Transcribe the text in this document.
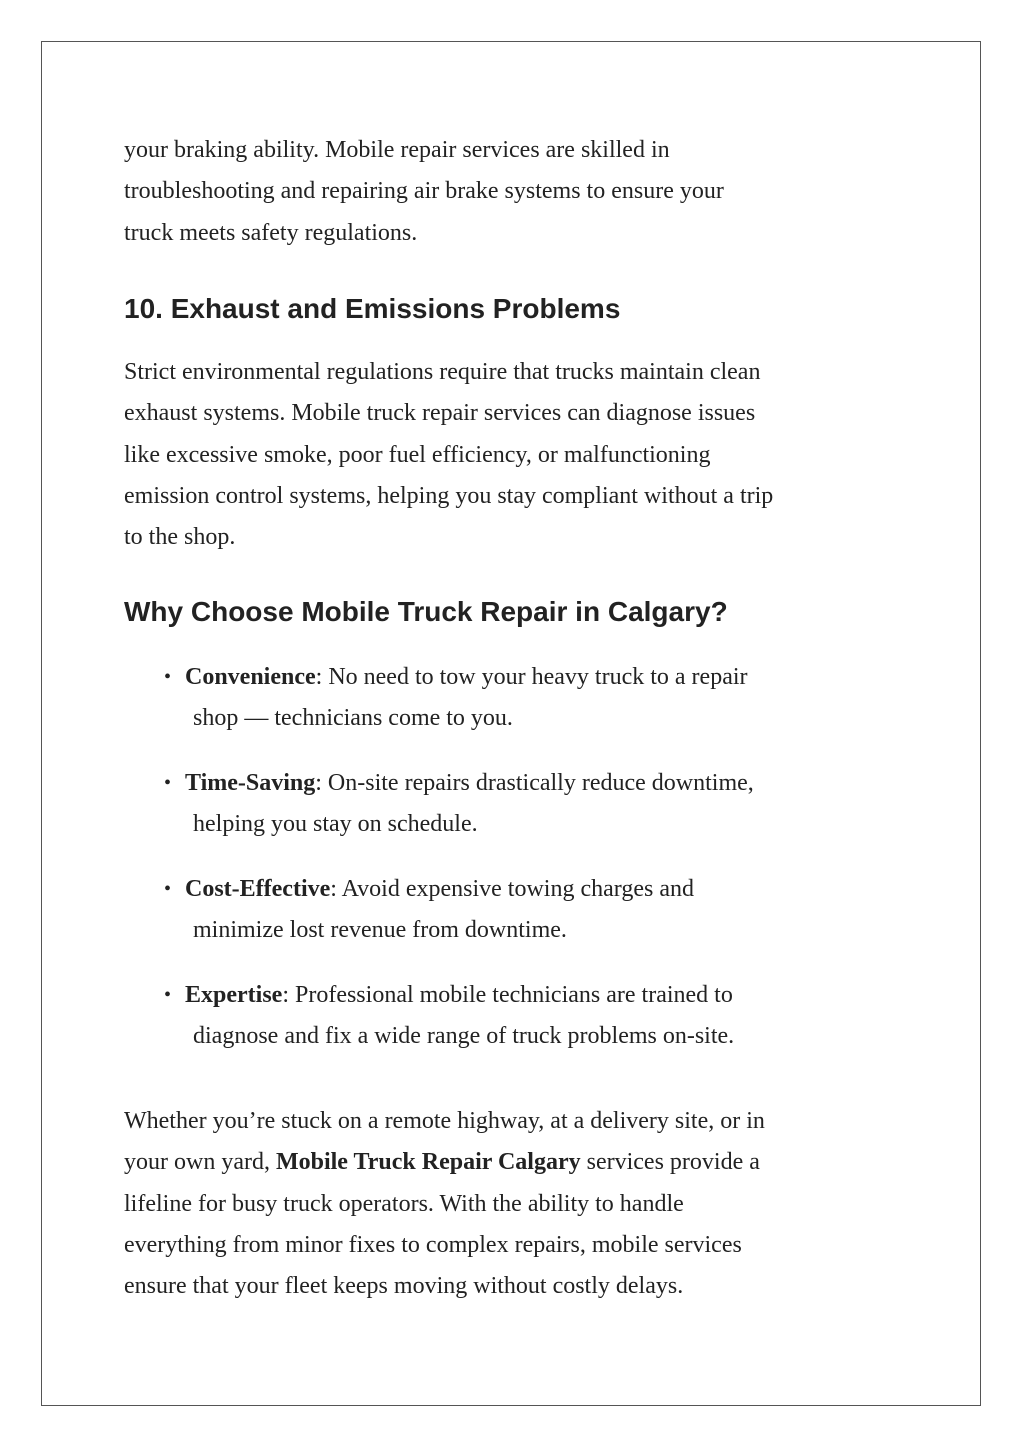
your braking ability. Mobile repair services are skilled in
troubleshooting and repairing air brake systems to ensure your
truck meets safety regulations.

10. Exhaust and Emissions Problems

Strict environmental regulations require that trucks maintain clean
exhaust systems. Mobile truck repair services can diagnose issues
like excessive smoke, poor fuel efficiency, or malfunctioning
emission control systems, helping you stay compliant without a trip
to the shop.

Why Choose Mobile Truck Repair in Calgary?
• Convenience: No need to tow your heavy truck to a repair
shop — technicians come to you.
• Time-Saving: On-site repairs drastically reduce downtime,
helping you stay on schedule.
• Cost-Effective: Avoid expensive towing charges and
minimize lost revenue from downtime.
• Expertise: Professional mobile technicians are trained to
diagnose and fix a wide range of truck problems on-site.

Whether you’re stuck on a remote highway, at a delivery site, or in
your own yard, Mobile Truck Repair Calgary services provide a
lifeline for busy truck operators. With the ability to handle
everything from minor fixes to complex repairs, mobile services
ensure that your fleet keeps moving without costly delays.
